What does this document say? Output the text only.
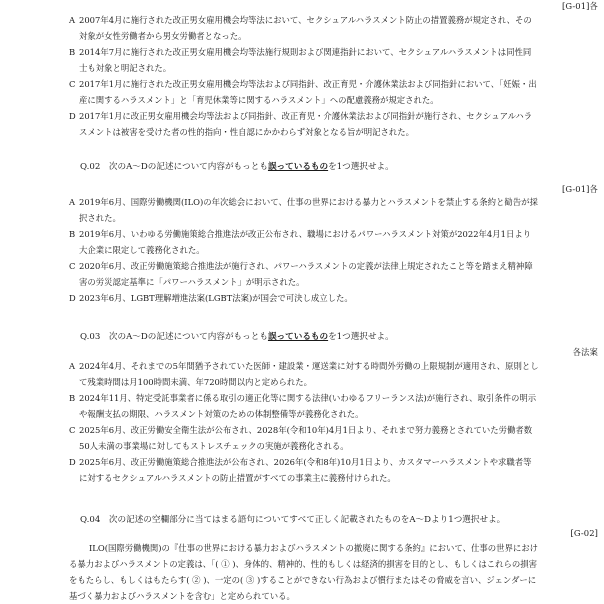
[G-01]各
A 2007年4月に施行された改正男女雇用機会均等法において、セクシュアルハラスメント防止の措置義務が規定され、その対象が女性労働者から男女労働者となった。
B 2014年7月に施行された改正男女雇用機会均等法施行規則および関連指針において、セクシュアルハラスメントは同性同士も対象と明記された。
C 2017年1月に施行された改正男女雇用機会均等法および同指針、改正育児・介護休業法および同指針において、「妊娠・出産に関するハラスメント」と「育児休業等に関するハラスメント」への配慮義務が規定された。
D 2017年1月に改正男女雇用機会均等法および同指針、改正育児・介護休業法および同指針が施行され、セクシュアルハラスメントは被害を受けた者の性的指向・性自認にかかわらず対象となる旨が明記された。
Q.02　 次のA～Dの記述について内容がもっとも誤っているものを1つ選択せよ。
[G-01]各
A 2019年6月、国際労働機関(ILO)の年次総会において、仕事の世界における暴力とハラスメントを禁止する条約と勧告が採択された。
B 2019年6月、いわゆる労働施策総合推進法が改正公布され、職場におけるパワーハラスメント対策が2022年4月1日より大企業に限定して義務化された。
C 2020年6月、改正労働施策総合推進法が施行され、パワーハラスメントの定義が法律上規定されたこと等を踏まえ精神障害の労災認定基準に「パワーハラスメント」が明示された。
D 2023年6月、LGBT理解増進法案(LGBT法案)が国会で可決し成立した。
Q.03　 次のA～Dの記述について内容がもっとも誤っているものを1つ選択せよ。
各法案
A 2024年4月、それまでの5年間猶予されていた医師・建設業・運送業に対する時間外労働の上限規制が適用され、原則として残業時間は月100時間未満、年720時間以内と定められた。
B 2024年11月、特定受託事業者に係る取引の適正化等に関する法律(いわゆるフリーランス法)が施行され、取引条件の明示や報酬支払の期限、ハラスメント対策のための体制整備等が義務化された。
C 2025年6月、改正労働安全衛生法が公布され、2028年(令和10年)4月1日より、それまで努力義務とされていた労働者数50人未満の事業場に対してもストレスチェックの実施が義務化される。
D 2025年6月、改正労働施策総合推進法が公布され、2026年(令和8年)10月1日より、カスタマーハラスメントや求職者等に対するセクシュアルハラスメントの防止措置がすべての事業主に義務付けられた。
Q.04　 次の記述の空欄部分に当てはまる語句についてすべて正しく記載されたものをA～Dより1つ選択せよ。
[G-02]
ILO(国際労働機関)の『仕事の世界における暴力およびハラスメントの撤廃に関する条約』において、仕事の世界における暴力およびハラスメントの定義は、「( ① )、身体的、精神的、性的もしくは経済的損害を目的とし、もしくはこれらの損害をもたらし、もしくはもたらす( ② )、一定の( ③ )することができない行為および慣行またはその脅威を言い、ジェンダーに基づく暴力およびハラスメントを含む」と定められている。
